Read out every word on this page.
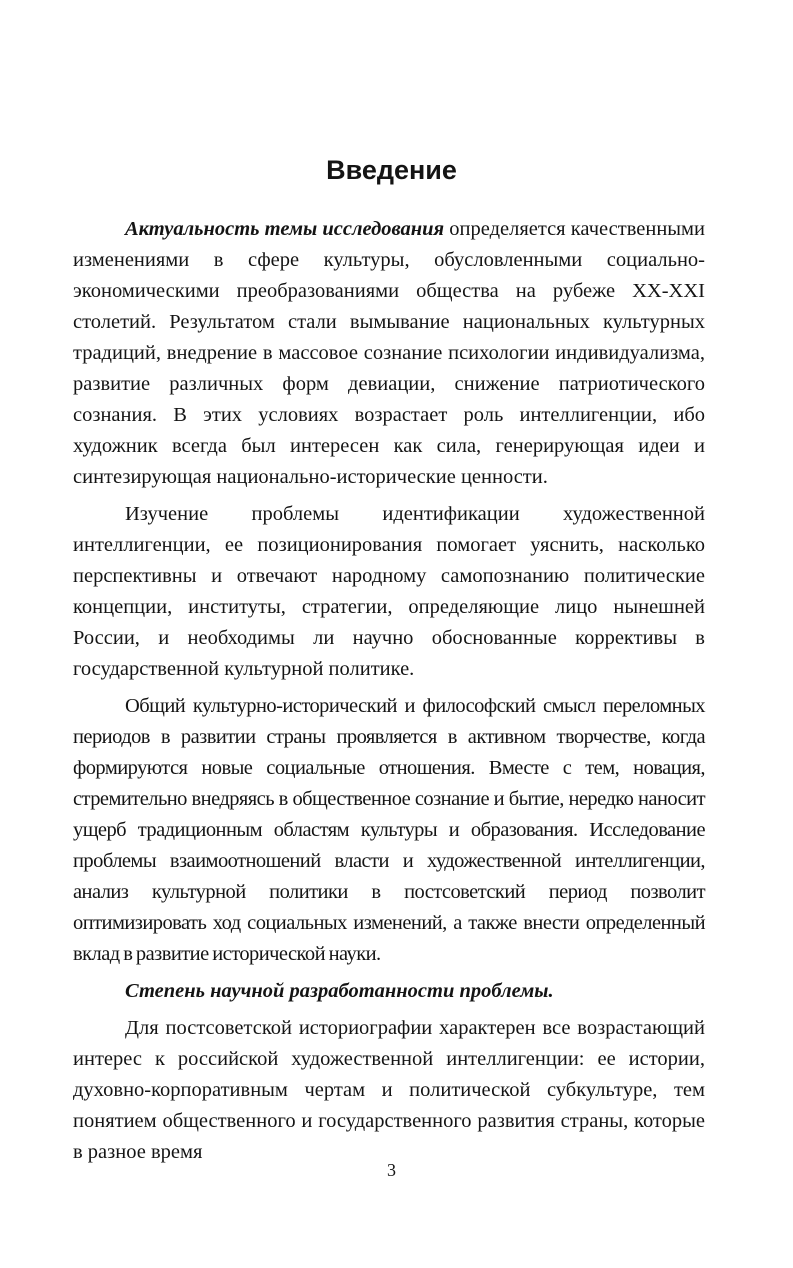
Введение

Актуальность темы исследования определяется качественными изменениями в сфере культуры, обусловленными социально-экономическими преобразованиями общества на рубеже XX-XXI столетий. Результатом стали вымывание национальных культурных традиций, внедрение в массовое сознание психологии индивидуализма, развитие различных форм девиации, снижение патриотического сознания. В этих условиях возрастает роль интеллигенции, ибо художник всегда был интересен как сила, генерирующая идеи и синтезирующая национально-исторические ценности.

Изучение проблемы идентификации художественной интеллигенции, ее позиционирования помогает уяснить, насколько перспективны и отвечают народному самопознанию политические концепции, институты, стратегии, определяющие лицо нынешней России, и необходимы ли научно обоснованные коррективы в государственной культурной политике.

Общий культурно-исторический и философский смысл переломных периодов в развитии страны проявляется в активном творчестве, когда формируются новые социальные отношения. Вместе с тем, новация, стремительно внедряясь в общественное сознание и бытие, нередко наносит ущерб традиционным областям культуры и образования. Исследование проблемы взаимоотношений власти и художественной интеллигенции, анализ культурной политики в постсоветский период позволит оптимизировать ход социальных изменений, а также внести определенный вклад в развитие исторической науки.

Степень научной разработанности проблемы.

Для постсоветской историографии характерен все возрастающий интерес к российской художественной интеллигенции: ее истории, духовно-корпоративным чертам и политической субкультуре, тем понятием общественного и государственного развития страны, которые в разное время

3
